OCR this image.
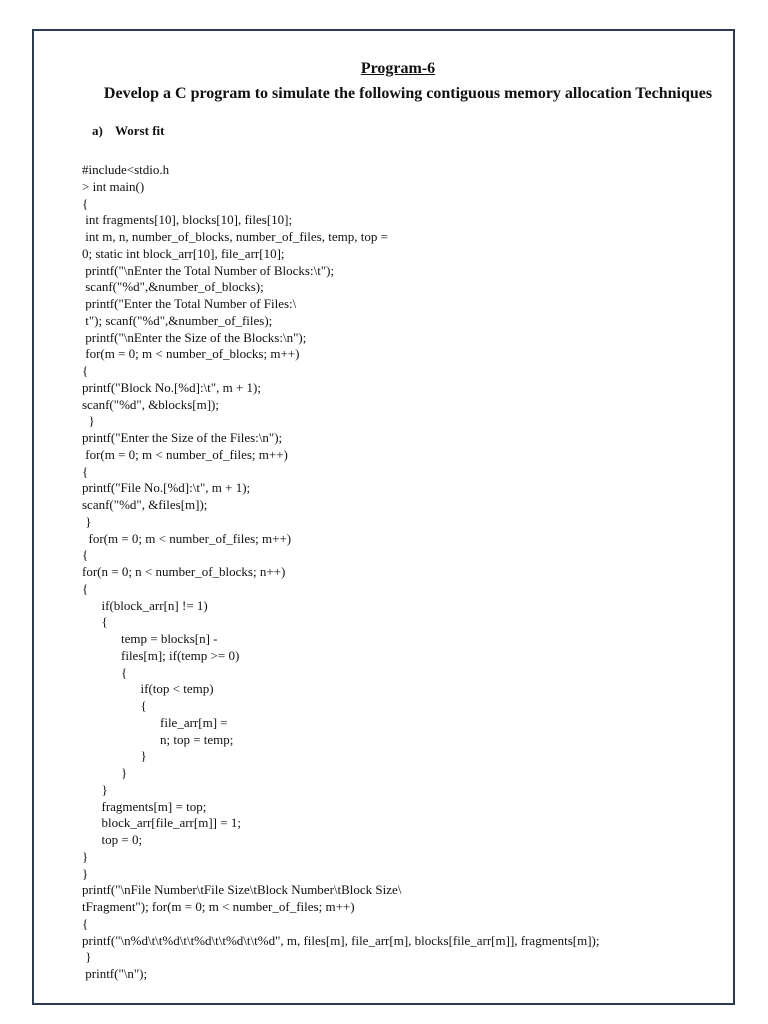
Program-6
Develop a C program to simulate the following contiguous memory allocation Techniques
a) Worst fit
#include<stdio.h
> int main()
{
int fragments[10], blocks[10], files[10];
int m, n, number_of_blocks, number_of_files, temp, top =
0; static int block_arr[10], file_arr[10];
printf("\nEnter the Total Number of Blocks:\t");
scanf("%d",&number_of_blocks);
printf("Enter the Total Number of Files:\
t"); scanf("%d",&number_of_files);
printf("\nEnter the Size of the Blocks:\n");
for(m = 0; m < number_of_blocks; m++)
{
printf("Block No.[%d]:\t", m + 1);
scanf("%d", &blocks[m]);
}
printf("Enter the Size of the Files:\n");
for(m = 0; m < number_of_files; m++)
{
printf("File No.[%d]:\t", m + 1);
scanf("%d", &files[m]);
}
for(m = 0; m < number_of_files; m++)
{
for(n = 0; n < number_of_blocks; n++)
{
if(block_arr[n] != 1)
{
temp = blocks[n] -
files[m]; if(temp >= 0)
{
if(top < temp)
{
file_arr[m] =
n; top = temp;
}
}
}
fragments[m] = top;
block_arr[file_arr[m]] = 1;
top = 0;
}
}
printf("\nFile Number\tFile Size\tBlock Number\tBlock Size\
tFragment"); for(m = 0; m < number_of_files; m++)
{
printf("\n%d\t\t%d\t\t%d\t\t%d\t\t%d", m, files[m], file_arr[m], blocks[file_arr[m]], fragments[m]);
}
printf("\n");
